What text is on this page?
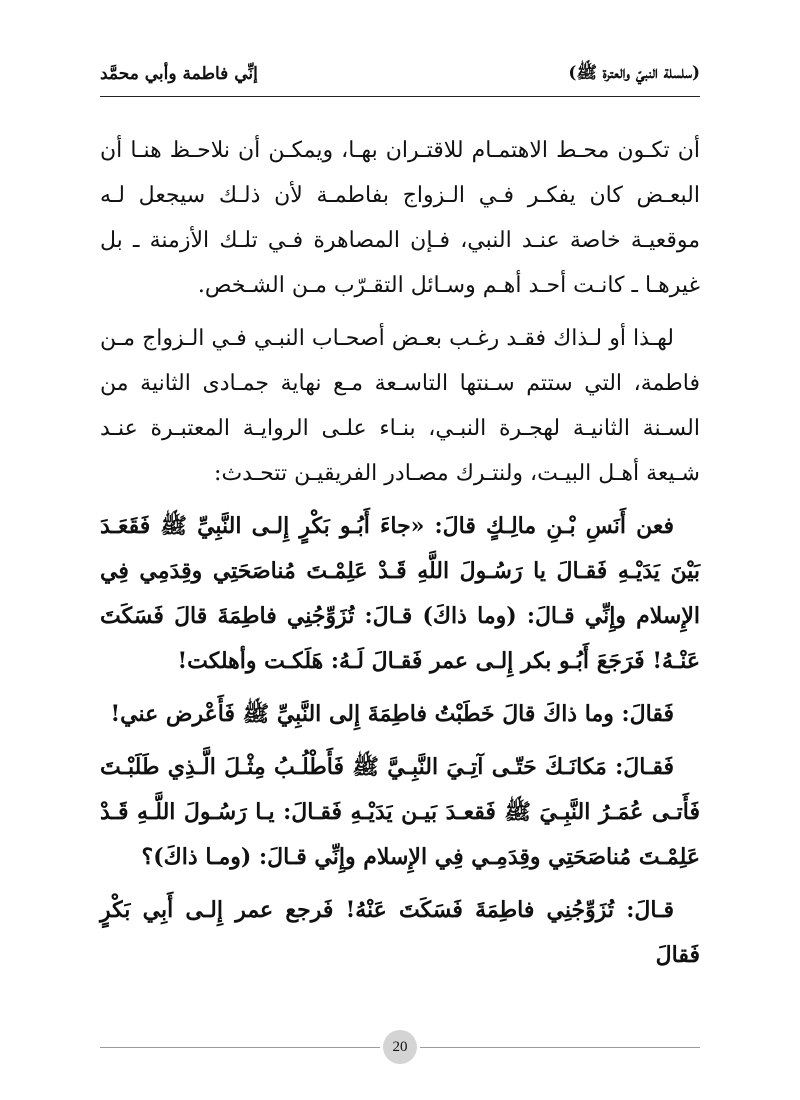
(سلسلة النبيّ والعترة ﷺ)
إنِّي فاطمة وأبي محمَّد

أن تكـون محـط الاهتمـام للاقتـران بهـا، ويمكـن أن نلاحـظ هنـا أن البعـض كان يفكـر فـي الـزواج بفاطمـة لأن ذلـك سيجعل لـه موقعيـة خاصة عنـد النبي، فـإن المصاهرة فـي تلـك الأزمنة ـ بل غيرهـا ـ كانـت أحـد أهـم وسـائل التقـرّب مـن الشـخص.

لهـذا أو لـذاك فقـد رغـب بعـض أصحـاب النبـي فـي الـزواج مـن فاطمة، التي ستتم سـنتها التاسـعة مـع نهاية جمـادى الثانية من السـنة الثانيـة لهجـرة النبـي، بنـاء علـى الروايـة المعتبـرة عنـد شـيعة أهـل البيـت، ولنتـرك مصـادر الفريقيـن تتحـدث:

فعن أَنَسِ بْـنِ مالِـكٍ قالَ: «جاءَ أَبُـو بَكْرٍ إِلـى النَّبِيِّ ﷺ فَقَعَـدَ بَيْنَ يَدَيْـهِ فَقـالَ يا رَسُـولَ اللَّهِ قَـدْ عَلِمْـتَ مُناصَحَتِي وقِدَمِي فِي الإِسلام وإِنِّي قـالَ: (وما ذاكَ) قـالَ: تُزَوِّجُنِي فاطِمَةَ قالَ فَسَكَتَ عَنْـهُ! فَرَجَعَ أَبُـو بكر إِلـى عمر فَقـالَ لَـهُ: هَلَكـت وأهلكت!

فَقالَ: وما ذاكَ قالَ خَطَبْتُ فاطِمَةَ إِلى النَّبِيِّ ﷺ فَأَعْرض عني!

فَقـالَ: مَكانَـكَ حَتّـى آتِـيَ النَّبِـيَّ ﷺ فَأَطْلُـبُ مِثْـلَ الَّـذِي طَلَبْـتَ فَأَتـى عُمَـرُ النَّبِـيَ ﷺ فَقعـدَ بَيـن يَدَيْـهِ فَقـالَ: يـا رَسُـولَ اللَّـهِ قَـدْ عَلِمْـتَ مُناصَحَتِي وقِدَمِـي فِي الإِسلام وإِنِّي قـالَ: (ومـا ذاكَ)؟

قـالَ: تُزَوِّجُنِي فاطِمَةَ فَسَكَتَ عَنْهُ! فَرجع عمر إِلـى أَبِي بَكْرٍ فَقالَ

20
